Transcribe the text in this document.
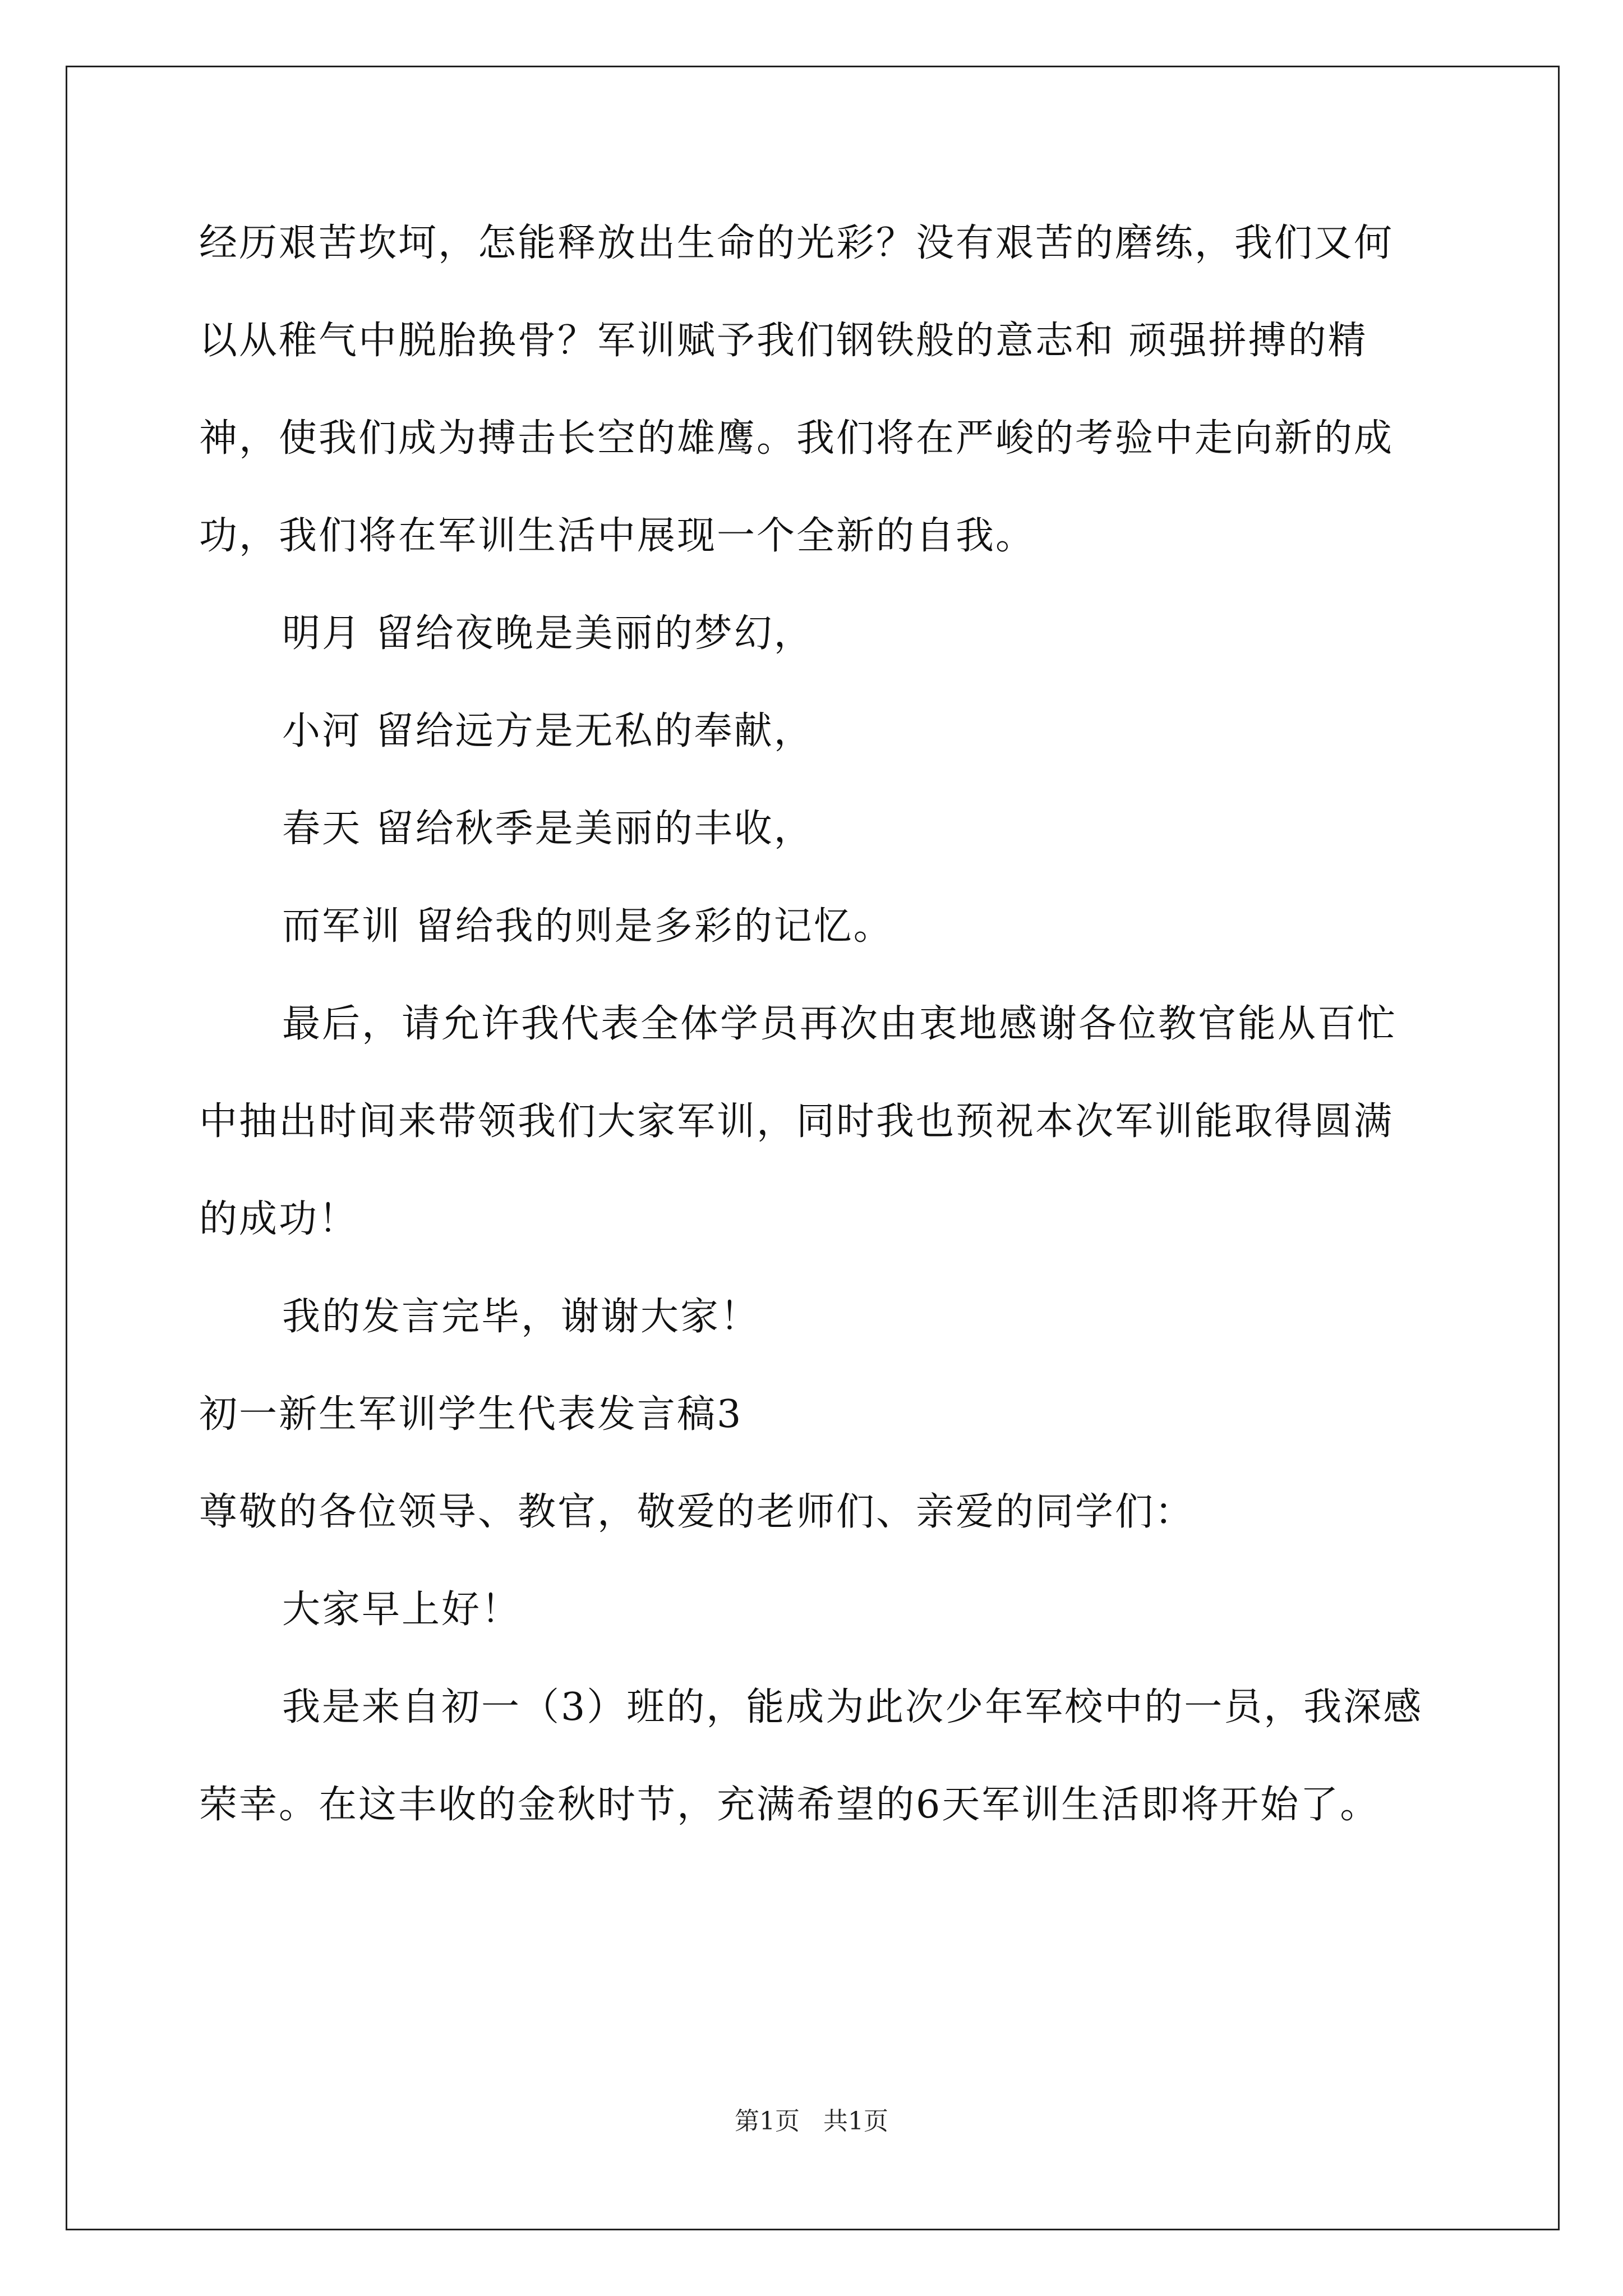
经历艰苦坎坷，怎能释放出生命的光彩？没有艰苦的磨练，我们又何
以从稚气中脱胎换骨？军训赋予我们钢铁般的意志和 顽强拼搏的精
神，使我们成为搏击长空的雄鹰。我们将在严峻的考验中走向新的成
功，我们将在军训生活中展现一个全新的自我。
明月 留给夜晚是美丽的梦幻，
小河 留给远方是无私的奉献，
春天 留给秋季是美丽的丰收，
而军训 留给我的则是多彩的记忆。
最后，请允许我代表全体学员再次由衷地感谢各位教官能从百忙
中抽出时间来带领我们大家军训，同时我也预祝本次军训能取得圆满
的成功！
我的发言完毕，谢谢大家！
初一新生军训学生代表发言稿3
尊敬的各位领导、教官，敬爱的老师们、亲爱的同学们：
大家早上好！
我是来自初一（3）班的，能成为此次少年军校中的一员，我深感
荣幸。在这丰收的金秋时节，充满希望的6天军训生活即将开始了。
第1页   共1页
